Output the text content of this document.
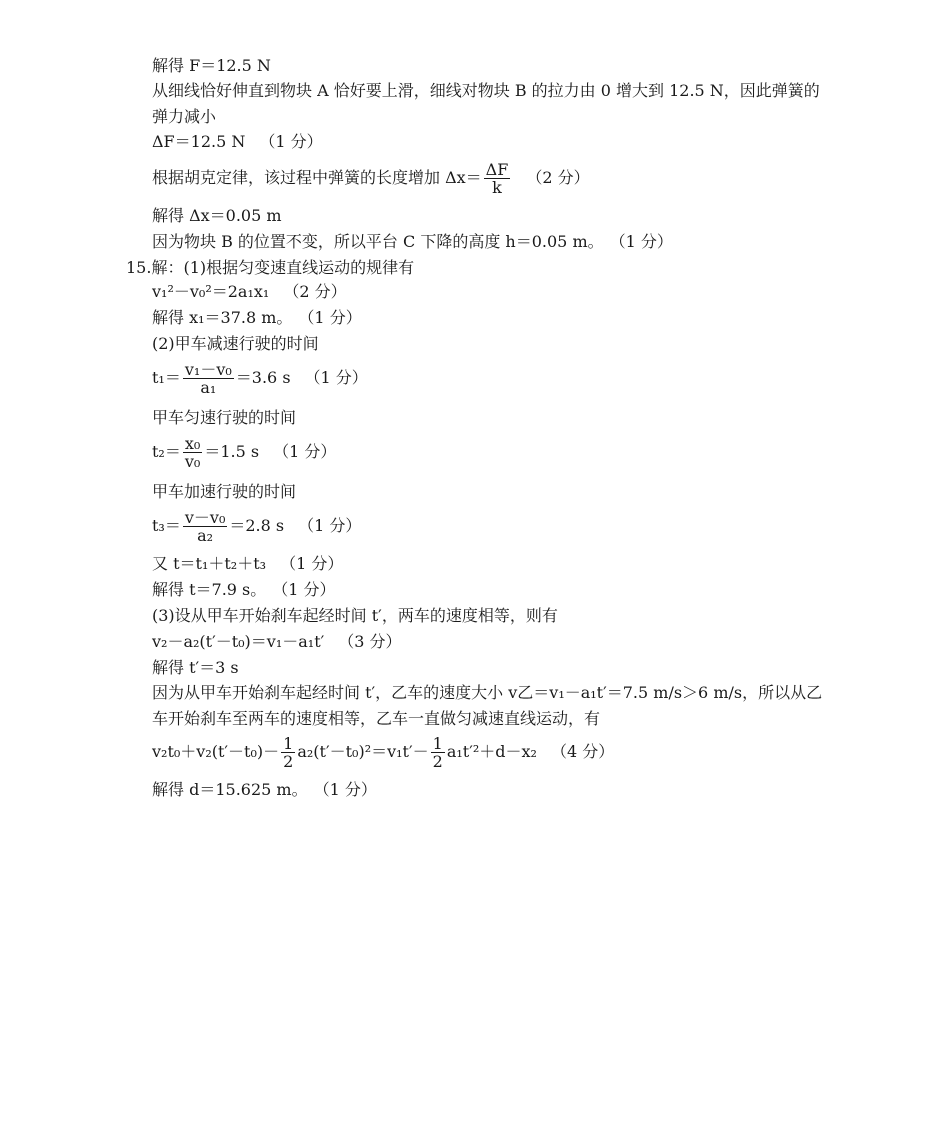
解得 F＝12.5 N
从细线恰好伸直到物块 A 恰好要上滑，细线对物块 B 的拉力由 0 增大到 12.5 N，因此弹簧的弹力减小
ΔF＝12.5 N （1 分）
根据胡克定律，该过程中弹簧的长度增加 $\Delta x= \frac{\Delta F}{k} (2$ 分）
解得 Δx＝0.05 m
因为物块 B 的位置不变，所以平台 C 下降的高度 h＝0.05 m。 （1 分）
15.解：(1)根据匀变速直线运动的规律有
v₁²－v₀²＝2a₁x₁ （2 分）
解得 x₁＝37.8 m。 （1 分）
(2)甲车减速行驶的时间
$t_1= \frac{\text{v₁－v₀}}{\text{a₁}} =3.6$ s （1 分）
甲车匀速行驶的时间
$t_2= \frac{\text{x₀}}{\text{v₀}} =1.5$ s （1 分）
甲车加速行驶的时间
$t_3= \frac{\text{v－v₀}}{\text{a₂}} =2.8$ s （1 分）
又 t＝t₁＋t₂＋t₃ （1 分）
解得 t＝7.9 s。 （1 分）
(3)设从甲车开始刹车起经时间 t′，两车的速度相等，则有
v₂－a₂(t′－t₀)＝v₁－a₁t′ （3 分）
解得 t′＝3 s
因为从甲车开始刹车起经时间 t′，乙车的速度大小 v乙＝v₁－a₁t′＝7.5 m/s＞6 m/s，所以从乙车开始刹车至两车的速度相等，乙车一直做匀减速直线运动，有
$v_2t_0+v_2(t'-t_0)- \frac{1}{2} a_2(t'-t_0)^2=v_1t'- \frac{1}{2} a_1t'^2+d-x_2$ （4 分）
解得 d＝15.625 m。 （1 分）
